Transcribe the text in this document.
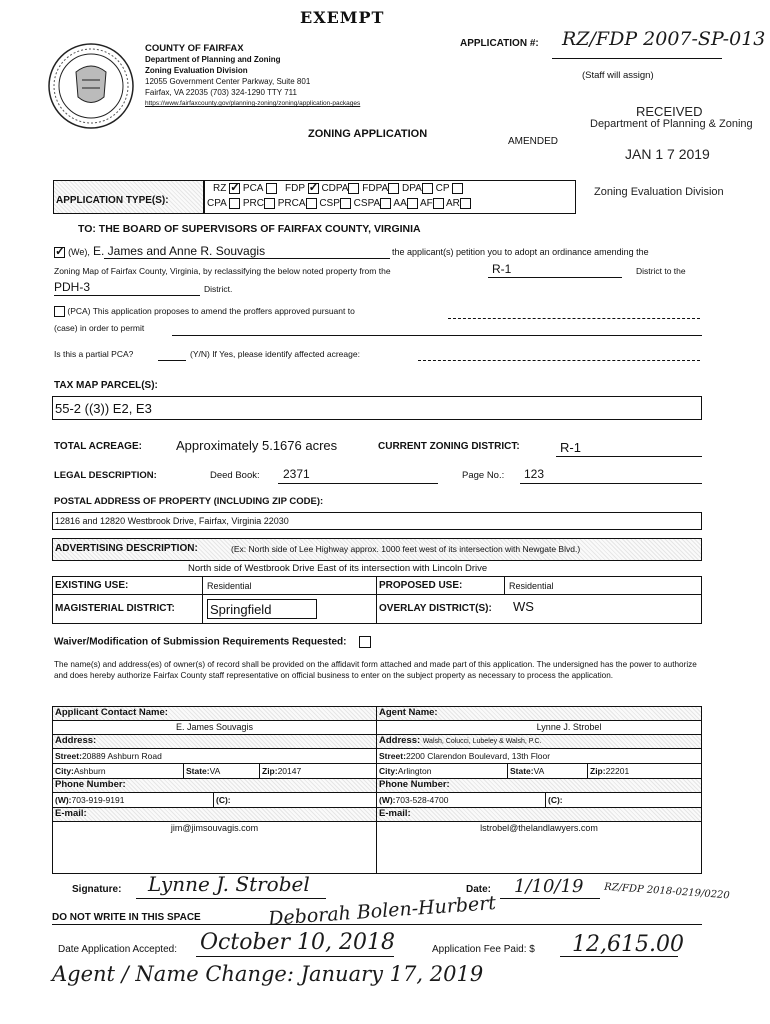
EXEMPT
COUNTY OF FAIRFAX
Department of Planning and Zoning
Zoning Evaluation Division
12055 Government Center Parkway, Suite 801
Fairfax, VA 22035 (703) 324-1290 TTY 711
https://www.fairfaxcounty.gov/planning-zoning/zoning/application-packages
APPLICATION #: RZ/FDP 2007-SP-013
(Staff will assign)
ZONING APPLICATION
AMENDED
RECEIVED
Department of Planning & Zoning
JAN 1 7 2019
Zoning Evaluation Division
APPLICATION TYPE(S):
RZ ✓ PCA FDP ✓ CDPA FDPA DPA CP
CPA PRC PRCA CSP CSPA AA AF AR
TO: THE BOARD OF SUPERVISORS OF FAIRFAX COUNTY, VIRGINIA
✓ (We), E. James and Anne R. Souvagis	the applicant(s) petition you to adopt an ordinance amending the
Zoning Map of Fairfax County, Virginia, by reclassifying the below noted property from the	R-1	District to the
PDH-3	District.
(PCA) This application proposes to amend the proffers approved pursuant to
(case) in order to permit
Is this a partial PCA?	(Y/N) If Yes, please identify affected acreage:
TAX MAP PARCEL(S):
55-2 ((3)) E2, E3
TOTAL ACREAGE:	Approximately 5.1676 acres	CURRENT ZONING DISTRICT:	R-1
LEGAL DESCRIPTION:	Deed Book: 2371	Page No.: 123
POSTAL ADDRESS OF PROPERTY (INCLUDING ZIP CODE):
12816 and 12820 Westbrook Drive, Fairfax, Virginia 22030
ADVERTISING DESCRIPTION:	(Ex: North side of Lee Highway approx. 1000 feet west of its intersection with Newgate Blvd.)
North side of Westbrook Drive East of its intersection with Lincoln Drive
EXISTING USE:	Residential	PROPOSED USE:	Residential
MAGISTERIAL DISTRICT:	Springfield	OVERLAY DISTRICT(S): WS
Waiver/Modification of Submission Requirements Requested:
The name(s) and address(es) of owner(s) of record shall be provided on the affidavit form attached and made part of this application. The undersigned has the power to authorize and does hereby authorize Fairfax County staff representative on official business to enter on the subject property as necessary to process the application.
Applicant Contact Name:
E. James Souvagis
Address:
Street:20889 Ashburn Road
City:Ashburn	State:VA	Zip:20147
Phone Number:
(W):703-919-9191	(C):
E-mail:
jim@jimsouvagis.com
Agent Name:
Lynne J. Strobel
Address: Walsh, Colucci, Lubeley & Walsh, P.C.
Street:2200 Clarendon Boulevard, 13th Floor
City:Arlington	State:VA	Zip:22201
Phone Number:
(W):703-528-4700	(C):
E-mail:
lstrobel@thelandlawyers.com
Signature: Lynne J. Strobel	Date: 1/10/19 RZ/FDP 2018-0219/0220
DO NOT WRITE IN THIS SPACE	Deborah Bolen-Hurbert
Date Application Accepted: October 10, 2018	Application Fee Paid: $ 12,615.00
Agent / Name Change: January 17, 2019
